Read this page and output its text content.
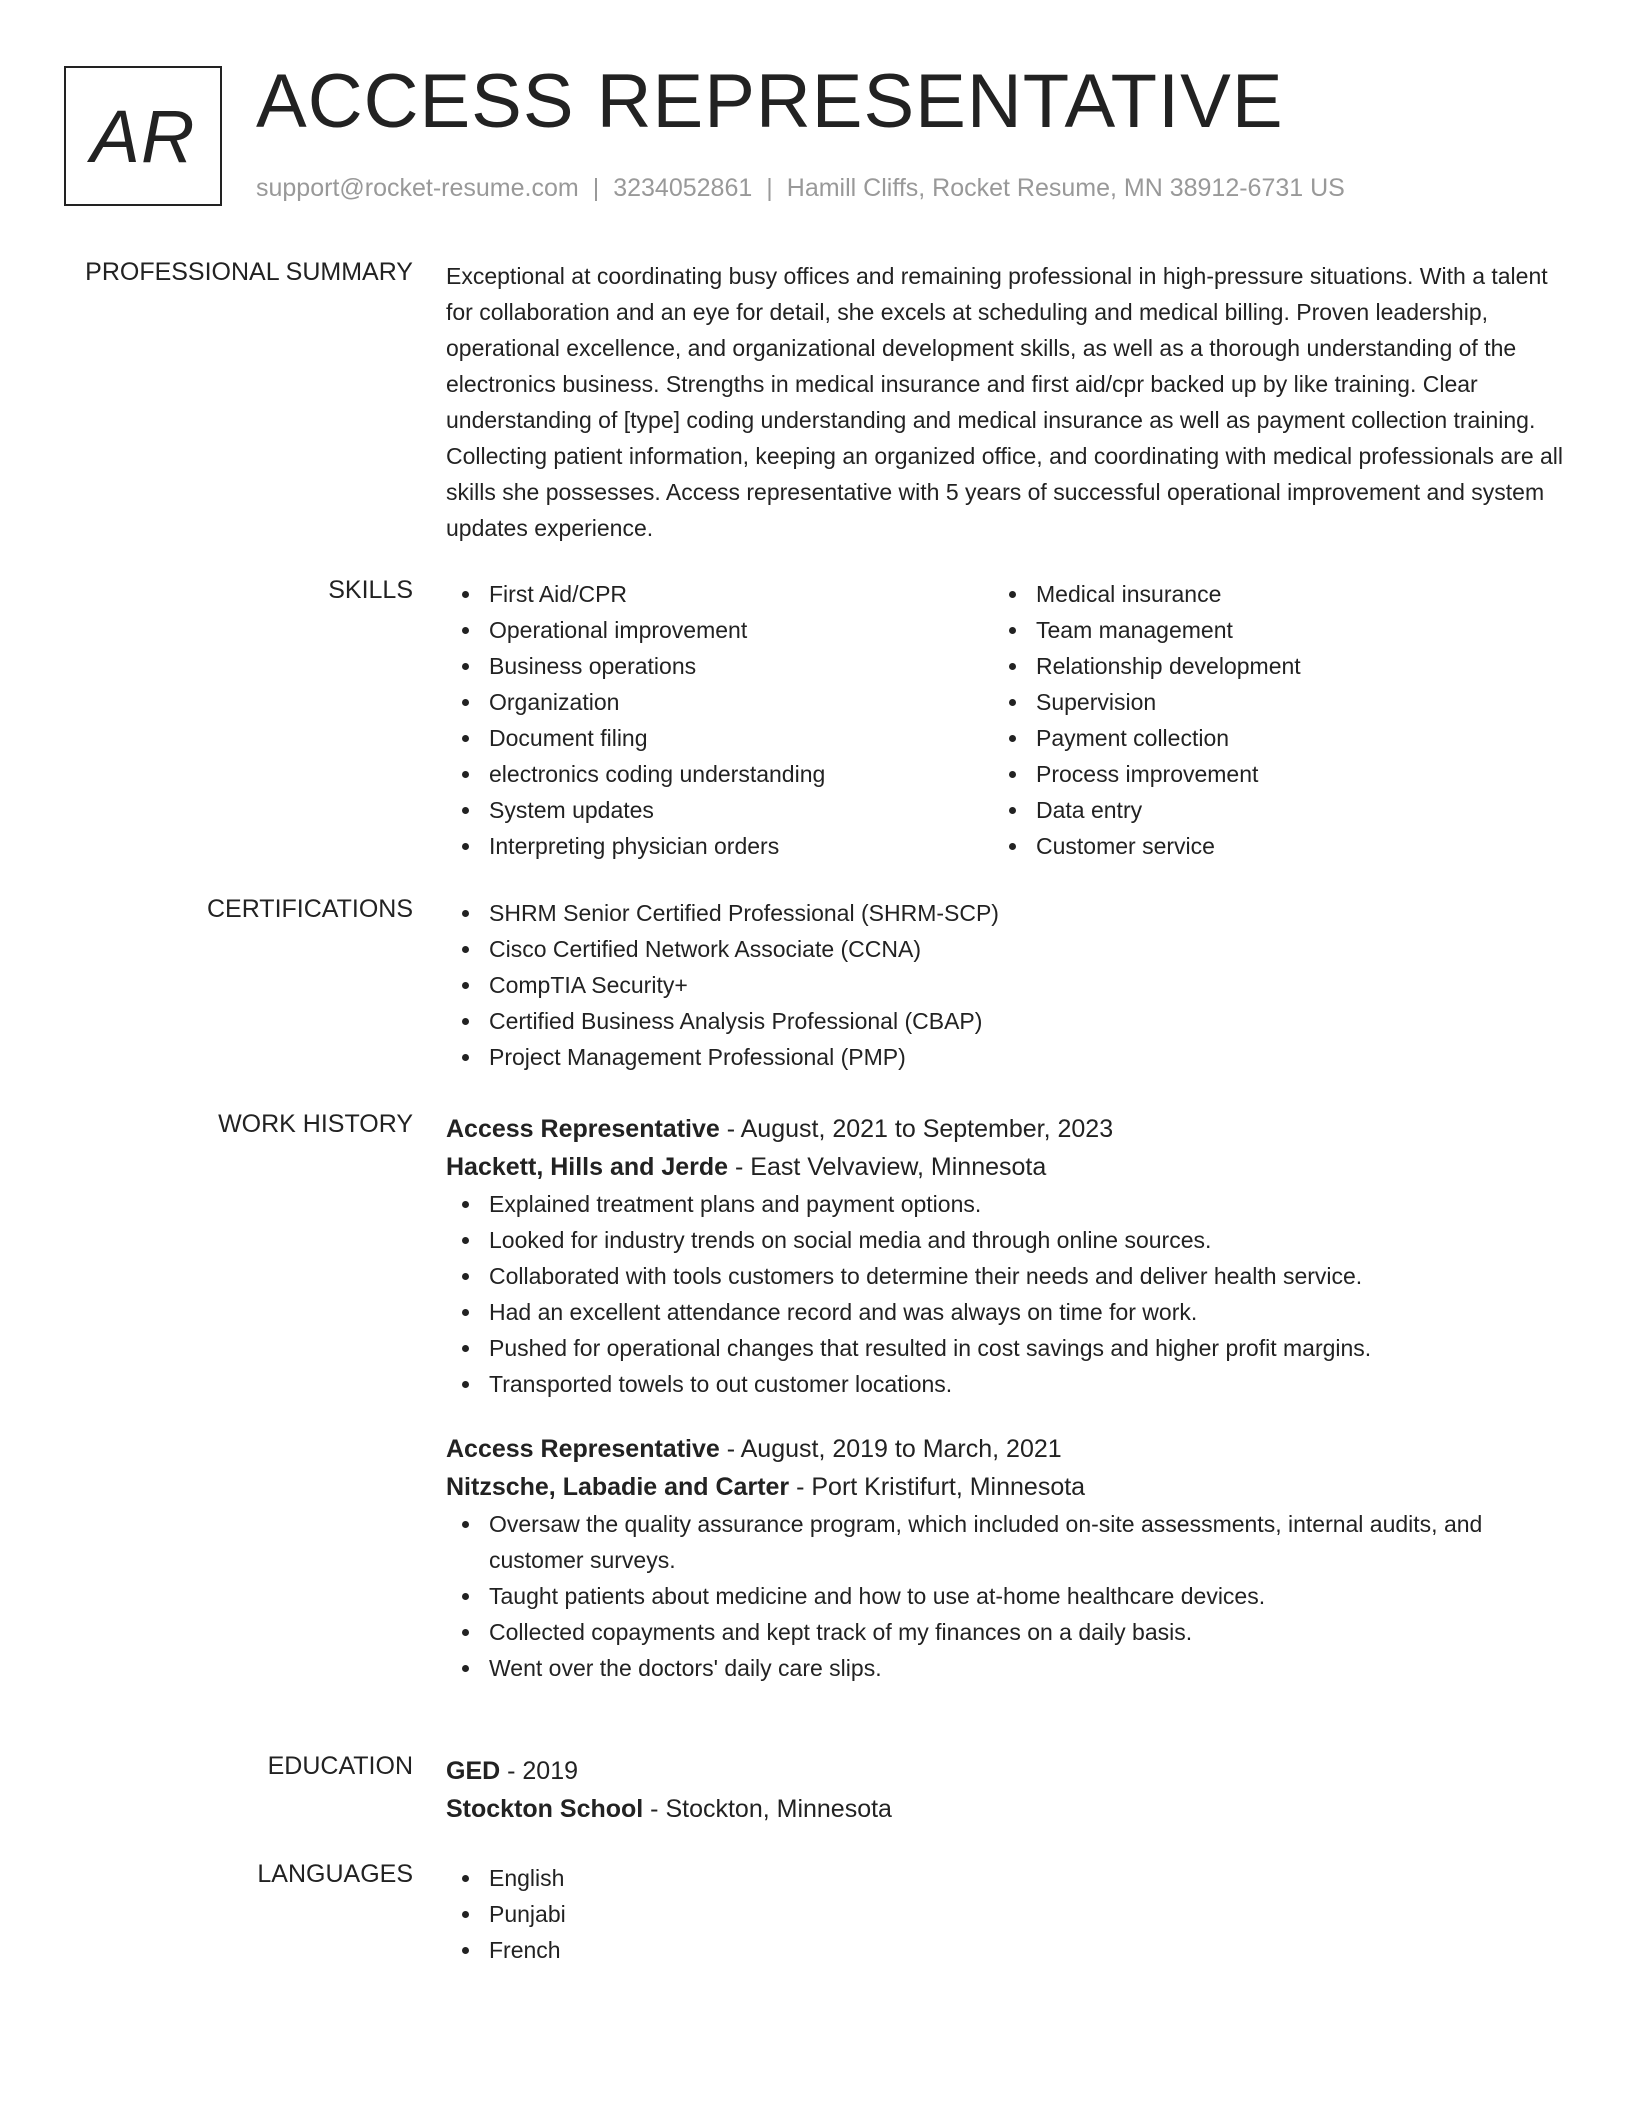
AR ACCESS REPRESENTATIVE
support@rocket-resume.com | 3234052861 | Hamill Cliffs, Rocket Resume, MN 38912-6731 US
PROFESSIONAL SUMMARY Exceptional at coordinating busy offices and remaining professional in high-pressure situations. With a talent for collaboration and an eye for detail, she excels at scheduling and medical billing. Proven leadership, operational excellence, and organizational development skills, as well as a thorough understanding of the electronics business. Strengths in medical insurance and first aid/cpr backed up by like training. Clear understanding of [type] coding understanding and medical insurance as well as payment collection training. Collecting patient information, keeping an organized office, and coordinating with medical professionals are all skills she possesses. Access representative with 5 years of successful operational improvement and system updates experience.

SKILLS	First Aid/CPR
Operational improvement
Business operations
Organization
Document filing
electronics coding understanding
System updates
Interpreting physician orders
Medical insurance
Team management
Relationship development
Supervision
Payment collection
Process improvement
Data entry
Customer service
CERTIFICATIONS	SHRM Senior Certified Professional (SHRM-SCP)
Cisco Certified Network Associate (CCNA)
CompTIA Security+
Certified Business Analysis Professional (CBAP)
Project Management Professional (PMP)
WORK HISTORY Access Representative - August, 2021 to September, 2023
Hackett, Hills and Jerde - East Velvaview, Minnesota
Explained treatment plans and payment options.
Looked for industry trends on social media and through online sources.
Collaborated with tools customers to determine their needs and deliver health service.
Had an excellent attendance record and was always on time for work.
Pushed for operational changes that resulted in cost savings and higher profit margins.
Transported towels to out customer locations.
Access Representative - August, 2019 to March, 2021
Nitzsche, Labadie and Carter - Port Kristifurt, Minnesota
Oversaw the quality assurance program, which included on-site assessments, internal audits, and customer surveys.
Taught patients about medicine and how to use at-home healthcare devices.
Collected copayments and kept track of my finances on a daily basis.
Went over the doctors' daily care slips.
EDUCATION GED - 2019
Stockton School - Stockton, Minnesota
LANGUAGES	English
Punjabi
French
